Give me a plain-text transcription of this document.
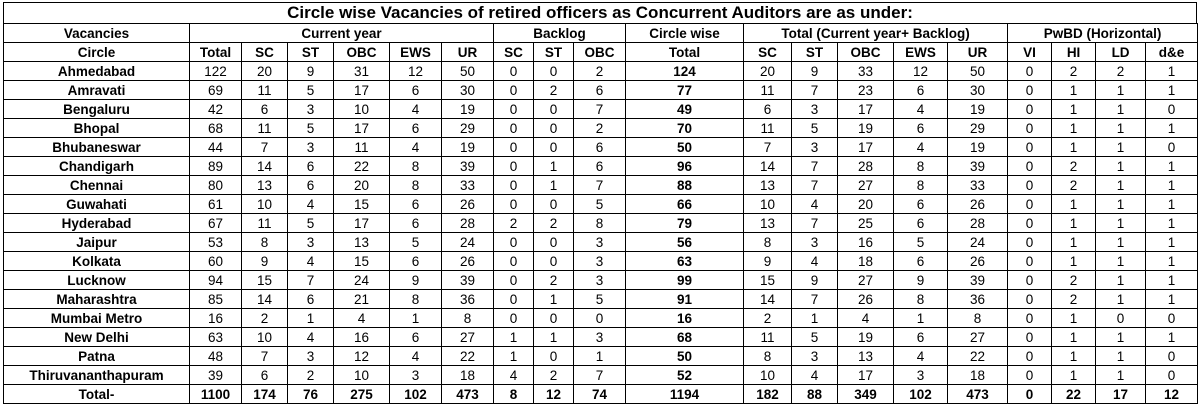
Circle wise Vacancies of retired officers as Concurrent Auditors are as under:
Vacancies	Current year						Backlog			Circle wise	Total (Current year+ Backlog)					PwBD (Horizontal)			
Circle	Total	SC	ST	OBC	EWS	UR	SC	ST	OBC	Total	SC	ST	OBC	EWS	UR	VI	HI	LD	d&e
Ahmedabad	122	20	9	31	12	50	0	0	2	124	20	9	33	12	50	0	2	2	1
Amravati	69	11	5	17	6	30	0	2	6	77	11	7	23	6	30	0	1	1	1
Bengaluru	42	6	3	10	4	19	0	0	7	49	6	3	17	4	19	0	1	1	0
Bhopal	68	11	5	17	6	29	0	0	2	70	11	5	19	6	29	0	1	1	1
Bhubaneswar	44	7	3	11	4	19	0	0	6	50	7	3	17	4	19	0	1	1	0
Chandigarh	89	14	6	22	8	39	0	1	6	96	14	7	28	8	39	0	2	1	1
Chennai	80	13	6	20	8	33	0	1	7	88	13	7	27	8	33	0	2	1	1
Guwahati	61	10	4	15	6	26	0	0	5	66	10	4	20	6	26	0	1	1	1
Hyderabad	67	11	5	17	6	28	2	2	8	79	13	7	25	6	28	0	1	1	1
Jaipur	53	8	3	13	5	24	0	0	3	56	8	3	16	5	24	0	1	1	1
Kolkata	60	9	4	15	6	26	0	0	3	63	9	4	18	6	26	0	1	1	1
Lucknow	94	15	7	24	9	39	0	2	3	99	15	9	27	9	39	0	2	1	1
Maharashtra	85	14	6	21	8	36	0	1	5	91	14	7	26	8	36	0	2	1	1
Mumbai Metro	16	2	1	4	1	8	0	0	0	16	2	1	4	1	8	0	1	0	0
New Delhi	63	10	4	16	6	27	1	1	3	68	11	5	19	6	27	0	1	1	1
Patna	48	7	3	12	4	22	1	0	1	50	8	3	13	4	22	0	1	1	0
Thiruvananthapuram	39	6	2	10	3	18	4	2	7	52	10	4	17	3	18	0	1	1	0
Total-	1100	174	76	275	102	473	8	12	74	1194	182	88	349	102	473	0	22	17	12
